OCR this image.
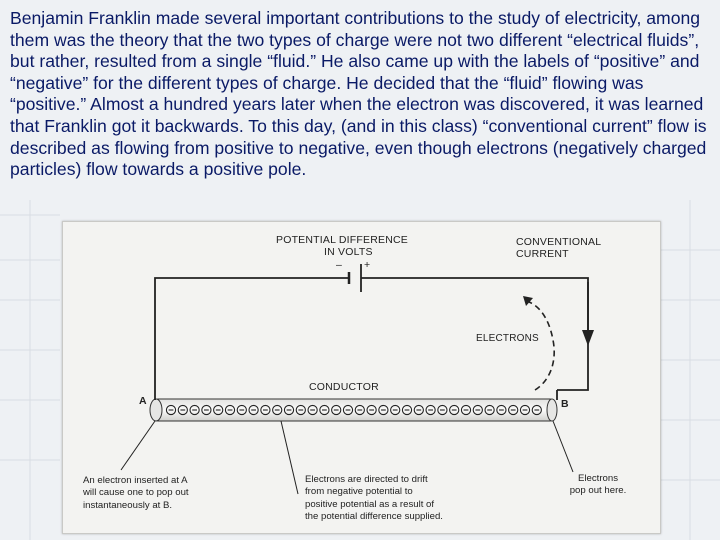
Benjamin Franklin made several important contributions to the study of electricity, among them was the theory that the two types of charge were not two different “electrical fluids”, but rather, resulted from a single “fluid.” He also came up with the labels of “positive” and “negative” for the different types of charge. He decided that the “fluid” flowing was “positive.” Almost a hundred years later when the electron was discovered, it was learned that Franklin got it backwards. To this day, (and in this class) “conventional current” flow is described as flowing from positive to negative, even though electrons (negatively charged particles) flow towards a positive pole.

POTENTIAL DIFFERENCE
IN VOLTS
– +
CONVENTIONAL
CURRENT
ELECTRONS
CONDUCTOR
A	B
An electron inserted at A
will cause one to pop out
instantaneously at B.
Electrons are directed to drift
from negative potential to
positive potential as a result of
the potential difference supplied.
Electrons
pop out here.
